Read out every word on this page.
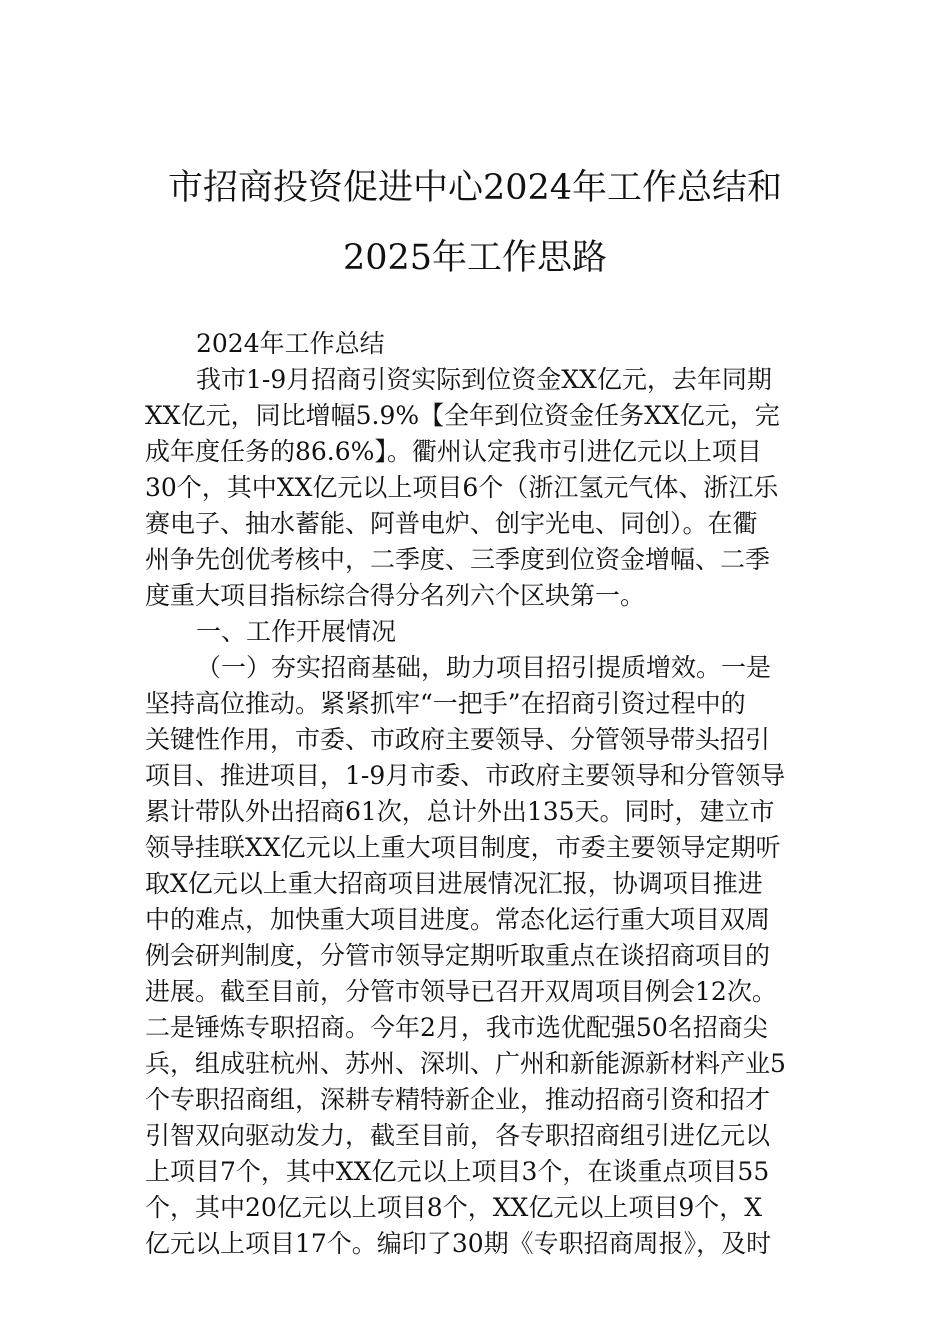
市招商投资促进中心2024年工作总结和
2025年工作思路
2024年工作总结
我市1-9月招商引资实际到位资金XX亿元，去年同期
XX亿元，同比增幅5.9%【全年到位资金任务XX亿元，完
成年度任务的86.6%】。衢州认定我市引进亿元以上项目
30个，其中XX亿元以上项目6个（浙江氢元气体、浙江乐
赛电子、抽水蓄能、阿普电炉、创宇光电、同创）。在衢
州争先创优考核中，二季度、三季度到位资金增幅、二季
度重大项目指标综合得分名列六个区块第一。
一、工作开展情况
（一）夯实招商基础，助力项目招引提质增效。一是
坚持高位推动。紧紧抓牢“一把手”在招商引资过程中的
关键性作用，市委、市政府主要领导、分管领导带头招引
项目、推进项目，1-9月市委、市政府主要领导和分管领导
累计带队外出招商61次，总计外出135天。同时，建立市
领导挂联XX亿元以上重大项目制度，市委主要领导定期听
取X亿元以上重大招商项目进展情况汇报，协调项目推进
中的难点，加快重大项目进度。常态化运行重大项目双周
例会研判制度，分管市领导定期听取重点在谈招商项目的
进展。截至目前，分管市领导已召开双周项目例会12次。
二是锤炼专职招商。今年2月，我市选优配强50名招商尖
兵，组成驻杭州、苏州、深圳、广州和新能源新材料产业5
个专职招商组，深耕专精特新企业，推动招商引资和招才
引智双向驱动发力，截至目前，各专职招商组引进亿元以
上项目7个，其中XX亿元以上项目3个，在谈重点项目55
个，其中20亿元以上项目8个，XX亿元以上项目9个，X
亿元以上项目17个。编印了30期《专职招商周报》，及时
